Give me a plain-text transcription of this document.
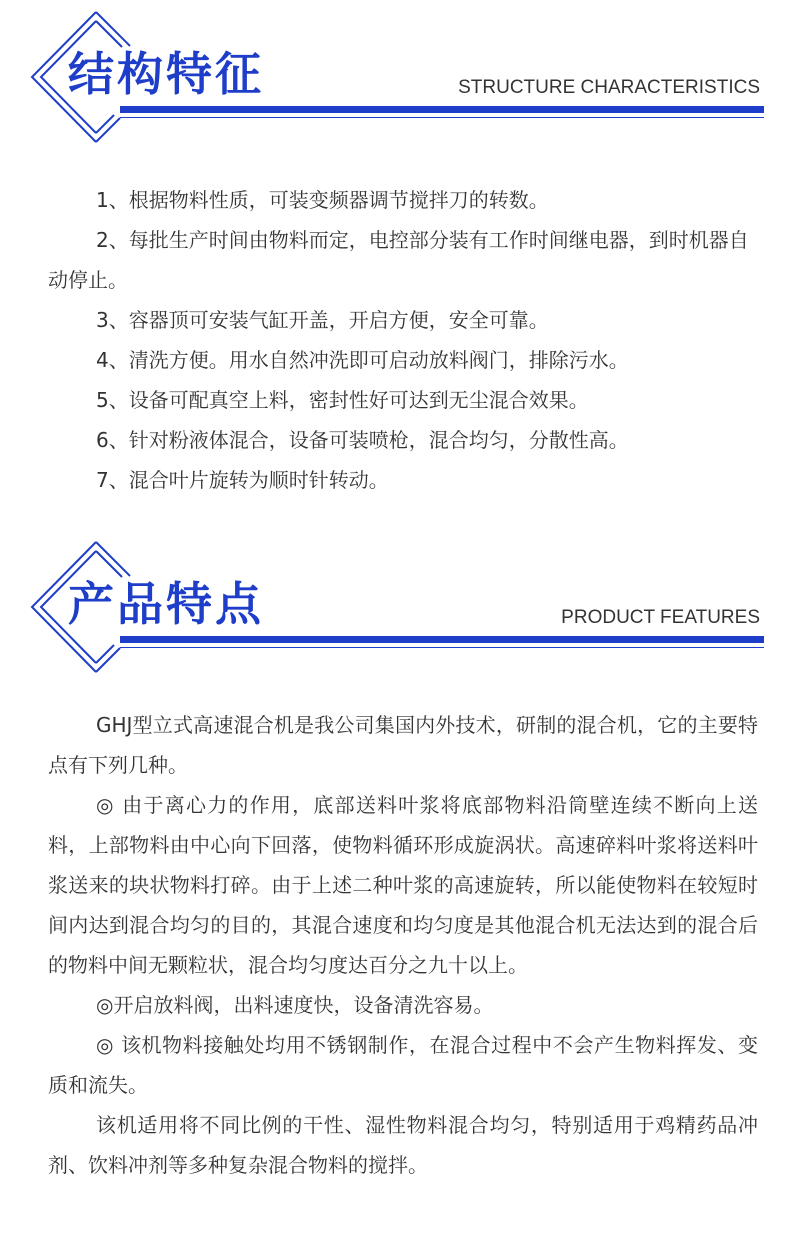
结构特征	STRUCTURE CHARACTERISTICS

1、根据物料性质，可装变频器调节搅拌刀的转数。

2、每批生产时间由物料而定，电控部分装有工作时间继电器，到时机器自动停止。

3、容器顶可安装气缸开盖，开启方便，安全可靠。

4、清洗方便。用水自然冲洗即可启动放料阀门，排除污水。

5、设备可配真空上料，密封性好可达到无尘混合效果。

6、针对粉液体混合，设备可装喷枪，混合均匀，分散性高。

7、混合叶片旋转为顺时针转动。

产品特点	PRODUCT FEATURES

GHJ型立式高速混合机是我公司集国内外技术，研制的混合机，它的主要特点有下列几种。

◎ 由于离心力的作用，底部送料叶浆将底部物料沿筒壁连续不断向上送料，上部物料由中心向下回落，使物料循环形成旋涡状。高速碎料叶浆将送料叶浆送来的块状物料打碎。由于上述二种叶浆的高速旋转，所以能使物料在较短时间内达到混合均匀的目的，其混合速度和均匀度是其他混合机无法达到的混合后的物料中间无颗粒状，混合均匀度达百分之九十以上。

◎开启放料阀，出料速度快，设备清洗容易。

◎ 该机物料接触处均用不锈钢制作，在混合过程中不会产生物料挥发、变质和流失。

该机适用将不同比例的干性、湿性物料混合均匀，特别适用于鸡精药品冲剂、饮料冲剂等多种复杂混合物料的搅拌。
